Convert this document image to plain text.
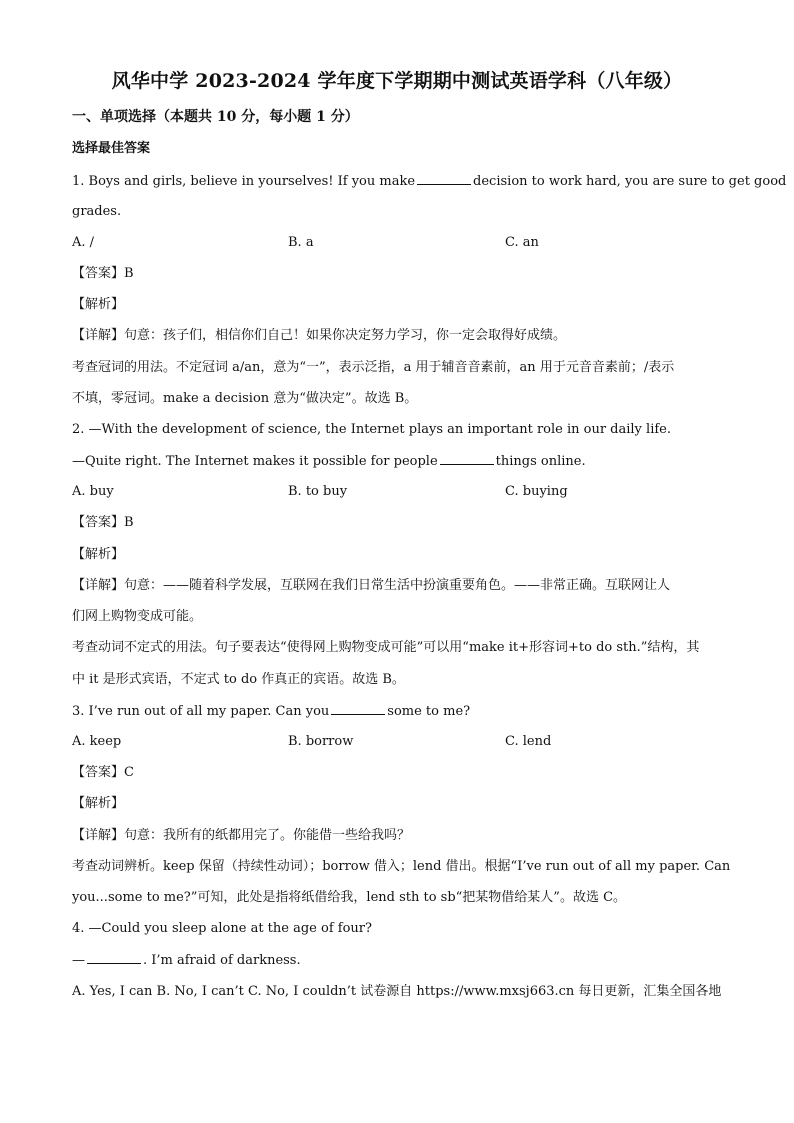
风华中学 2023-2024 学年度下学期期中测试英语学科（八年级）
一、单项选择（本题共 10 分，每小题 1 分）
选择最佳答案
1. Boys and girls, believe in yourselves! If you make	decision to work hard, you are sure to get good
grades.
A. /	B. a	C. an
【答案】B
【解析】
【详解】句意：孩子们，相信你们自己！如果你决定努力学习，你一定会取得好成绩。
考查冠词的用法。不定冠词 a/an，意为“一”，表示泛指，a 用于辅音音素前，an 用于元音音素前；/表示
不填，零冠词。make a decision 意为“做决定”。故选 B。
2. —With the development of science, the Internet plays an important role in our daily life.
—Quite right. The Internet makes it possible for people	things online.
A. buy	B. to buy	C. buying
【答案】B
【解析】
【详解】句意：——随着科学发展，互联网在我们日常生活中扮演重要角色。——非常正确。互联网让人
们网上购物变成可能。
考查动词不定式的用法。句子要表达“使得网上购物变成可能”可以用“make it+形容词+to do sth.”结构，其
中 it 是形式宾语，不定式 to do 作真正的宾语。故选 B。
3. I’ve run out of all my paper. Can you	some to me?
A. keep	B. borrow	C. lend
【答案】C
【解析】
【详解】句意：我所有的纸都用完了。你能借一些给我吗？
考查动词辨析。keep 保留（持续性动词）；borrow 借入；lend 借出。根据“I’ve run out of all my paper. Can
you...some to me?”可知，此处是指将纸借给我，lend sth to sb“把某物借给某人”。故选 C。
4. —Could you sleep alone at the age of four?
—	. I’m afraid of darkness.
A. Yes, I can B. No, I can’t C. No, I couldn’t 试卷源自 https://www.mxsj663.cn 每日更新，汇集全国各地
